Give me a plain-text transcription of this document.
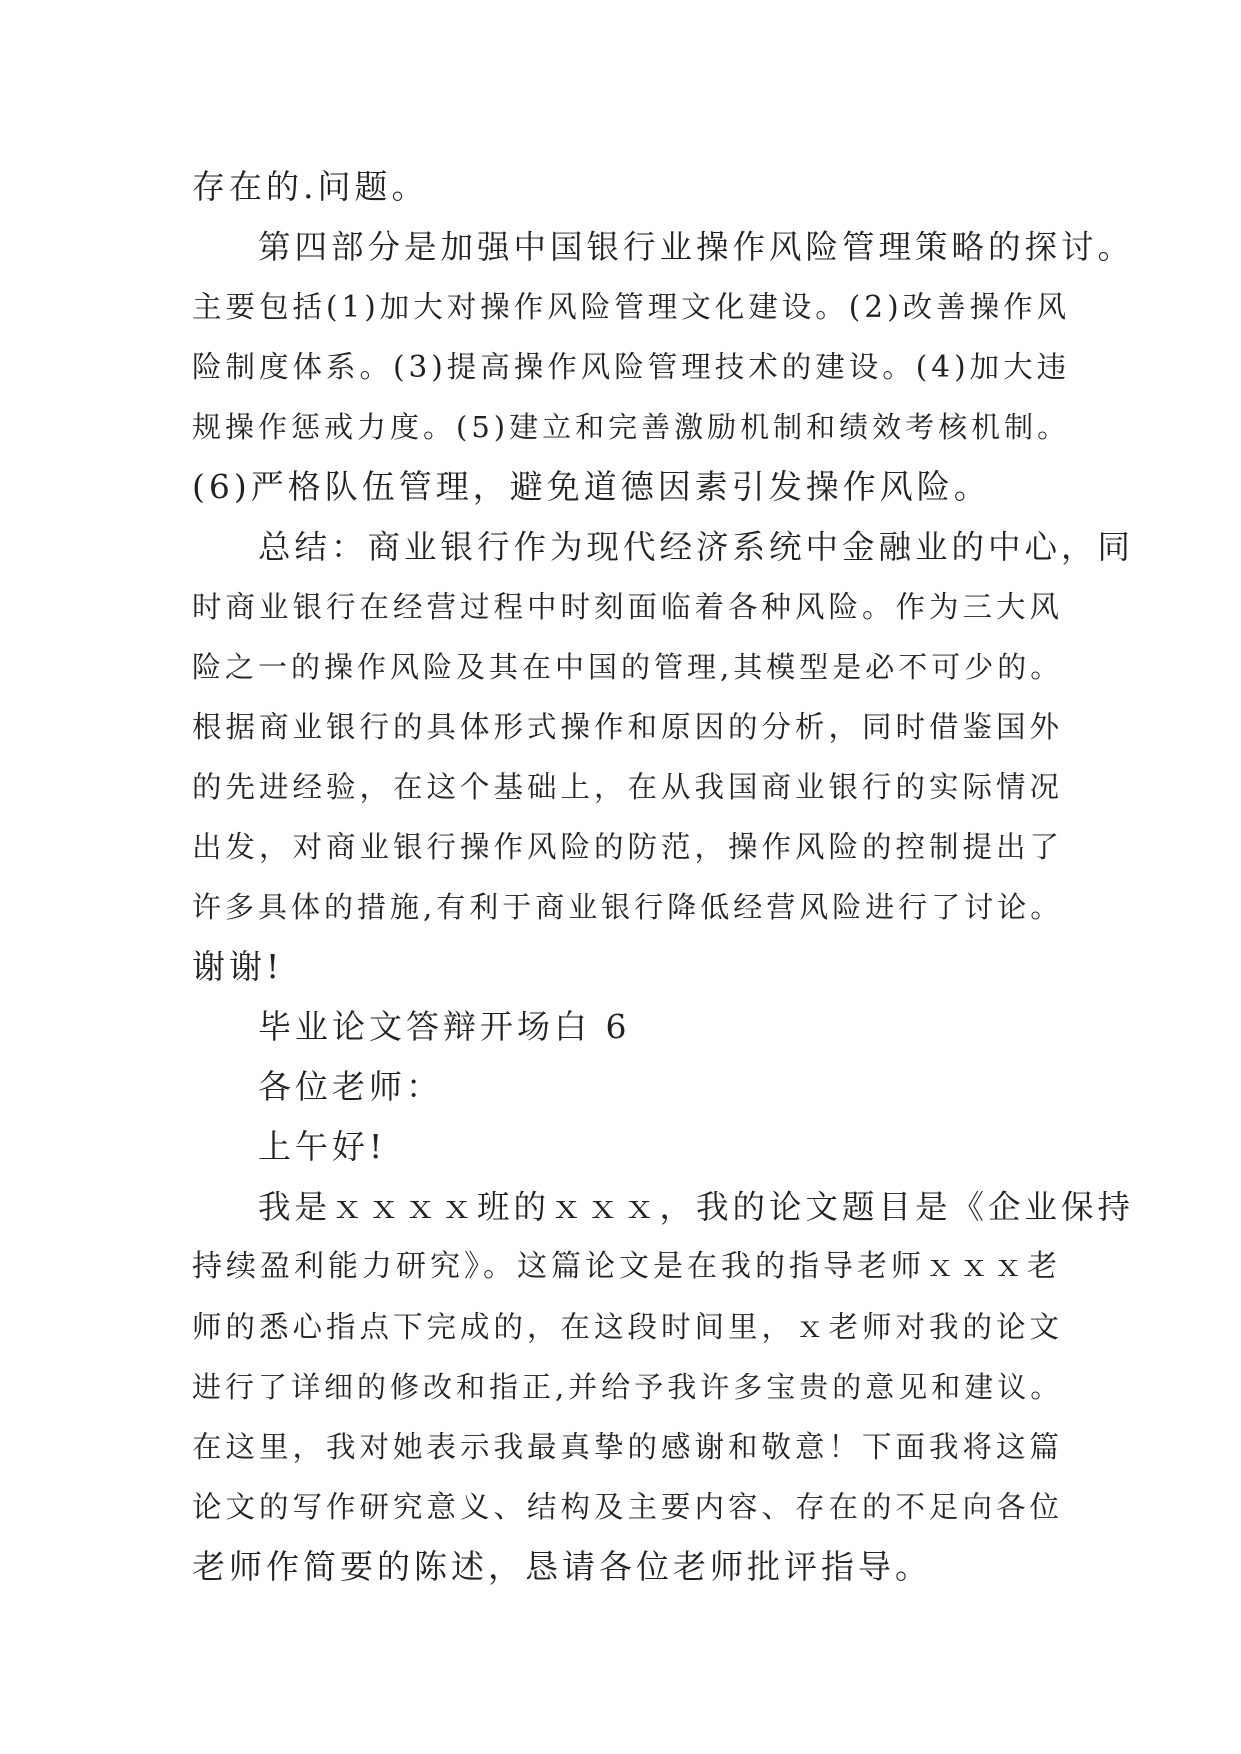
存在的.问题。
第四部分是加强中国银行业操作风险管理策略的探讨。
主要包括(1)加大对操作风险管理文化建设。(2)改善操作风
险制度体系。(3)提高操作风险管理技术的建设。(4)加大违
规操作惩戒力度。(5)建立和完善激励机制和绩效考核机制。
(6)严格队伍管理，避免道德因素引发操作风险。
总结：商业银行作为现代经济系统中金融业的中心，同
时商业银行在经营过程中时刻面临着各种风险。作为三大风
险之一的操作风险及其在中国的管理,其模型是必不可少的。
根据商业银行的具体形式操作和原因的分析，同时借鉴国外
的先进经验，在这个基础上，在从我国商业银行的实际情况
出发，对商业银行操作风险的防范，操作风险的控制提出了
许多具体的措施,有利于商业银行降低经营风险进行了讨论。
谢谢!
毕业论文答辩开场白 6
各位老师：
上午好!
我是ｘｘｘｘ班的ｘｘｘ，我的论文题目是《企业保持
持续盈利能力研究》。这篇论文是在我的指导老师ｘｘｘ老
师的悉心指点下完成的，在这段时间里，ｘ老师对我的论文
进行了详细的修改和指正,并给予我许多宝贵的意见和建议。
在这里，我对她表示我最真挚的感谢和敬意！下面我将这篇
论文的写作研究意义、结构及主要内容、存在的不足向各位
老师作简要的陈述，恳请各位老师批评指导。
